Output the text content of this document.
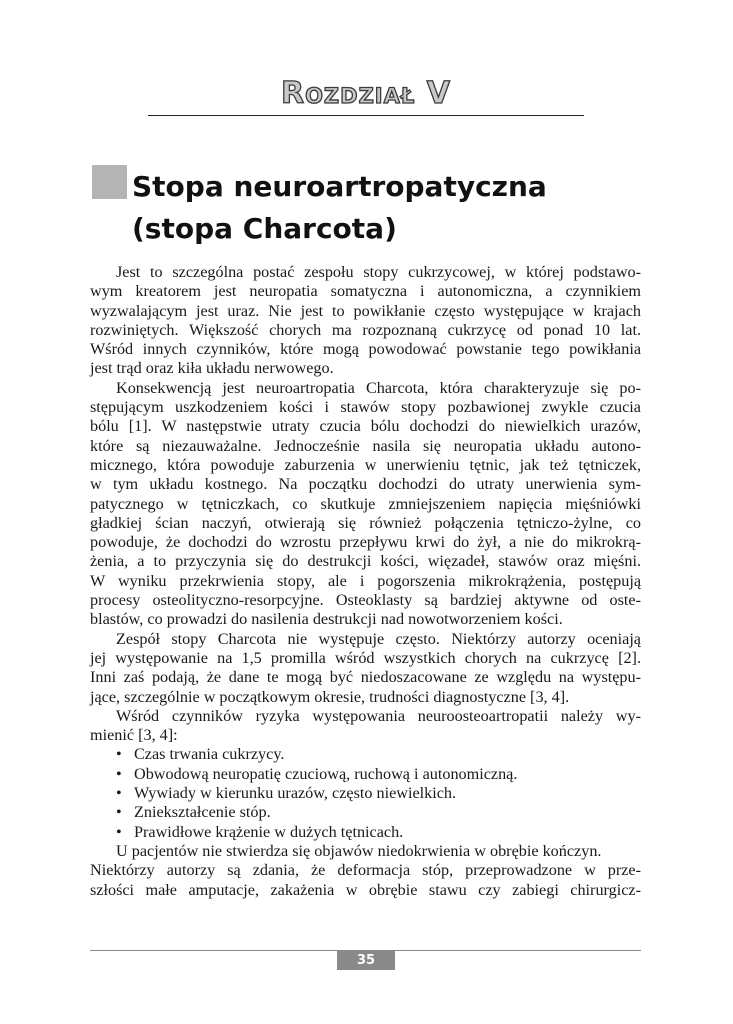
Rozdział V
Stopa neuroartropatyczna
(stopa Charcota)
Jest to szczególna postać zespołu stopy cukrzycowej, w której podstawo-
wym kreatorem jest neuropatia somatyczna i autonomiczna, a czynnikiem
wyzwalającym jest uraz. Nie jest to powikłanie często występujące w krajach
rozwiniętych. Większość chorych ma rozpoznaną cukrzycę od ponad 10 lat.
Wśród innych czynników, które mogą powodować powstanie tego powikłania
jest trąd oraz kiła układu nerwowego.
Konsekwencją jest neuroartropatia Charcota, która charakteryzuje się po-
stępującym uszkodzeniem kości i stawów stopy pozbawionej zwykle czucia
bólu [1]. W następstwie utraty czucia bólu dochodzi do niewielkich urazów,
które są niezauważalne. Jednocześnie nasila się neuropatia układu autono-
micznego, która powoduje zaburzenia w unerwieniu tętnic, jak też tętniczek,
w tym układu kostnego. Na początku dochodzi do utraty unerwienia sym-
patycznego w tętniczkach, co skutkuje zmniejszeniem napięcia mięśniówki
gładkiej ścian naczyń, otwierają się również połączenia tętniczo-żylne, co
powoduje, że dochodzi do wzrostu przepływu krwi do żył, a nie do mikrokrą-
żenia, a to przyczynia się do destrukcji kości, więzadeł, stawów oraz mięśni.
W wyniku przekrwienia stopy, ale i pogorszenia mikrokrążenia, postępują
procesy osteolityczno-resorpcyjne. Osteoklasty są bardziej aktywne od oste-
blastów, co prowadzi do nasilenia destrukcji nad nowotworzeniem kości.
Zespół stopy Charcota nie występuje często. Niektórzy autorzy oceniają
jej występowanie na 1,5 promilla wśród wszystkich chorych na cukrzycę [2].
Inni zaś podają, że dane te mogą być niedoszacowane ze względu na występu-
jące, szczególnie w początkowym okresie, trudności diagnostyczne [3, 4].
Wśród czynników ryzyka występowania neuroosteoartropatii należy wy-
mienić [3, 4]:
• Czas trwania cukrzycy.
• Obwodową neuropatię czuciową, ruchową i autonomiczną.
• Wywiady w kierunku urazów, często niewielkich.
• Zniekształcenie stóp.
• Prawidłowe krążenie w dużych tętnicach.
U pacjentów nie stwierdza się objawów niedokrwienia w obrębie kończyn.
Niektórzy autorzy są zdania, że deformacja stóp, przeprowadzone w prze-
szłości małe amputacje, zakażenia w obrębie stawu czy zabiegi chirurgicz-
35
